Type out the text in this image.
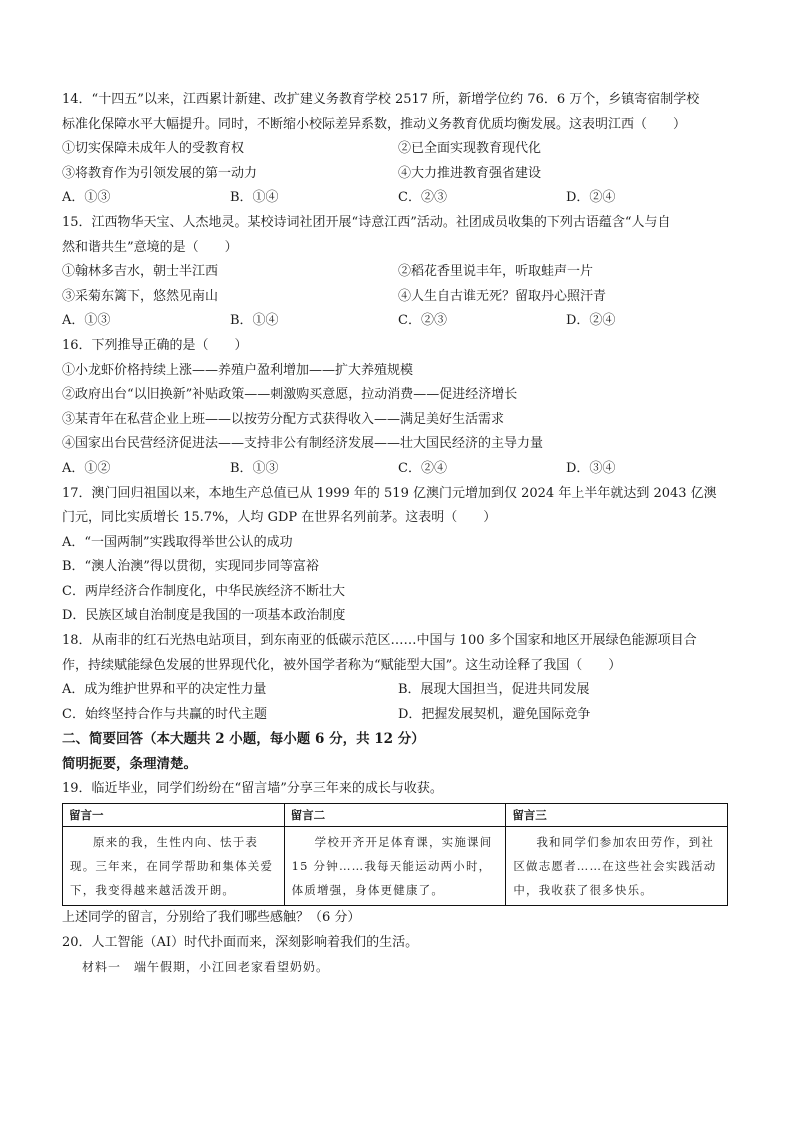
14．“十四五”以来，江西累计新建、改扩建义务教育学校 2517 所，新增学位约 76．6 万个，乡镇寄宿制学校
标准化保障水平大幅提升。同时，不断缩小校际差异系数，推动义务教育优质均衡发展。这表明江西（　　）
①切实保障未成年人的受教育权	②已全面实现教育现代化
③将教育作为引领发展的第一动力	④大力推进教育强省建设
A．①③	B．①④	C．②③	D．②④
15．江西物华天宝、人杰地灵。某校诗词社团开展“诗意江西”活动。社团成员收集的下列古语蕴含“人与自
然和谐共生”意境的是（　　）
①翰林多吉水，朝士半江西	②稻花香里说丰年，听取蛙声一片
③采菊东篱下，悠然见南山	④人生自古谁无死？留取丹心照汗青
A．①③	B．①④	C．②③	D．②④
16．下列推导正确的是（　　）
①小龙虾价格持续上涨——养殖户盈利增加——扩大养殖规模
②政府出台“以旧换新”补贴政策——刺激购买意愿，拉动消费——促进经济增长
③某青年在私营企业上班——以按劳分配方式获得收入——满足美好生活需求
④国家出台民营经济促进法——支持非公有制经济发展——壮大国民经济的主导力量
A．①②	B．①③	C．②④	D．③④
17．澳门回归祖国以来，本地生产总值已从 1999 年的 519 亿澳门元增加到仅 2024 年上半年就达到 2043 亿澳
门元，同比实质增长 15.7%，人均 GDP 在世界名列前茅。这表明（　　）
A．“一国两制”实践取得举世公认的成功
B．“澳人治澳”得以贯彻，实现同步同等富裕
C．两岸经济合作制度化，中华民族经济不断壮大
D．民族区域自治制度是我国的一项基本政治制度
18．从南非的红石光热电站项目，到东南亚的低碳示范区……中国与 100 多个国家和地区开展绿色能源项目合
作，持续赋能绿色发展的世界现代化，被外国学者称为“赋能型大国”。这生动诠释了我国（　　）
A．成为维护世界和平的决定性力量	B．展现大国担当，促进共同发展
C．始终坚持合作与共赢的时代主题	D．把握发展契机，避免国际竞争
二、简要回答（本大题共 2 小题，每小题 6 分，共 12 分）
简明扼要，条理清楚。
19．临近毕业，同学们纷纷在“留言墙”分享三年来的成长与收获。
留言一	留言二	留言三

原来的我，生性内向、怯于表现。三年来，在同学帮助和集体关爱下，我变得越来越活泼开朗。	学校开齐开足体育课，实施课间 15 分钟……我每天能运动两小时，体质增强，身体更健康了。	我和同学们参加农田劳作，到社区做志愿者……在这些社会实践活动中，我收获了很多快乐。
上述同学的留言，分别给了我们哪些感触？（6 分）
20．人工智能（AI）时代扑面而来，深刻影响着我们的生活。
材料一　端午假期，小江回老家看望奶奶。
